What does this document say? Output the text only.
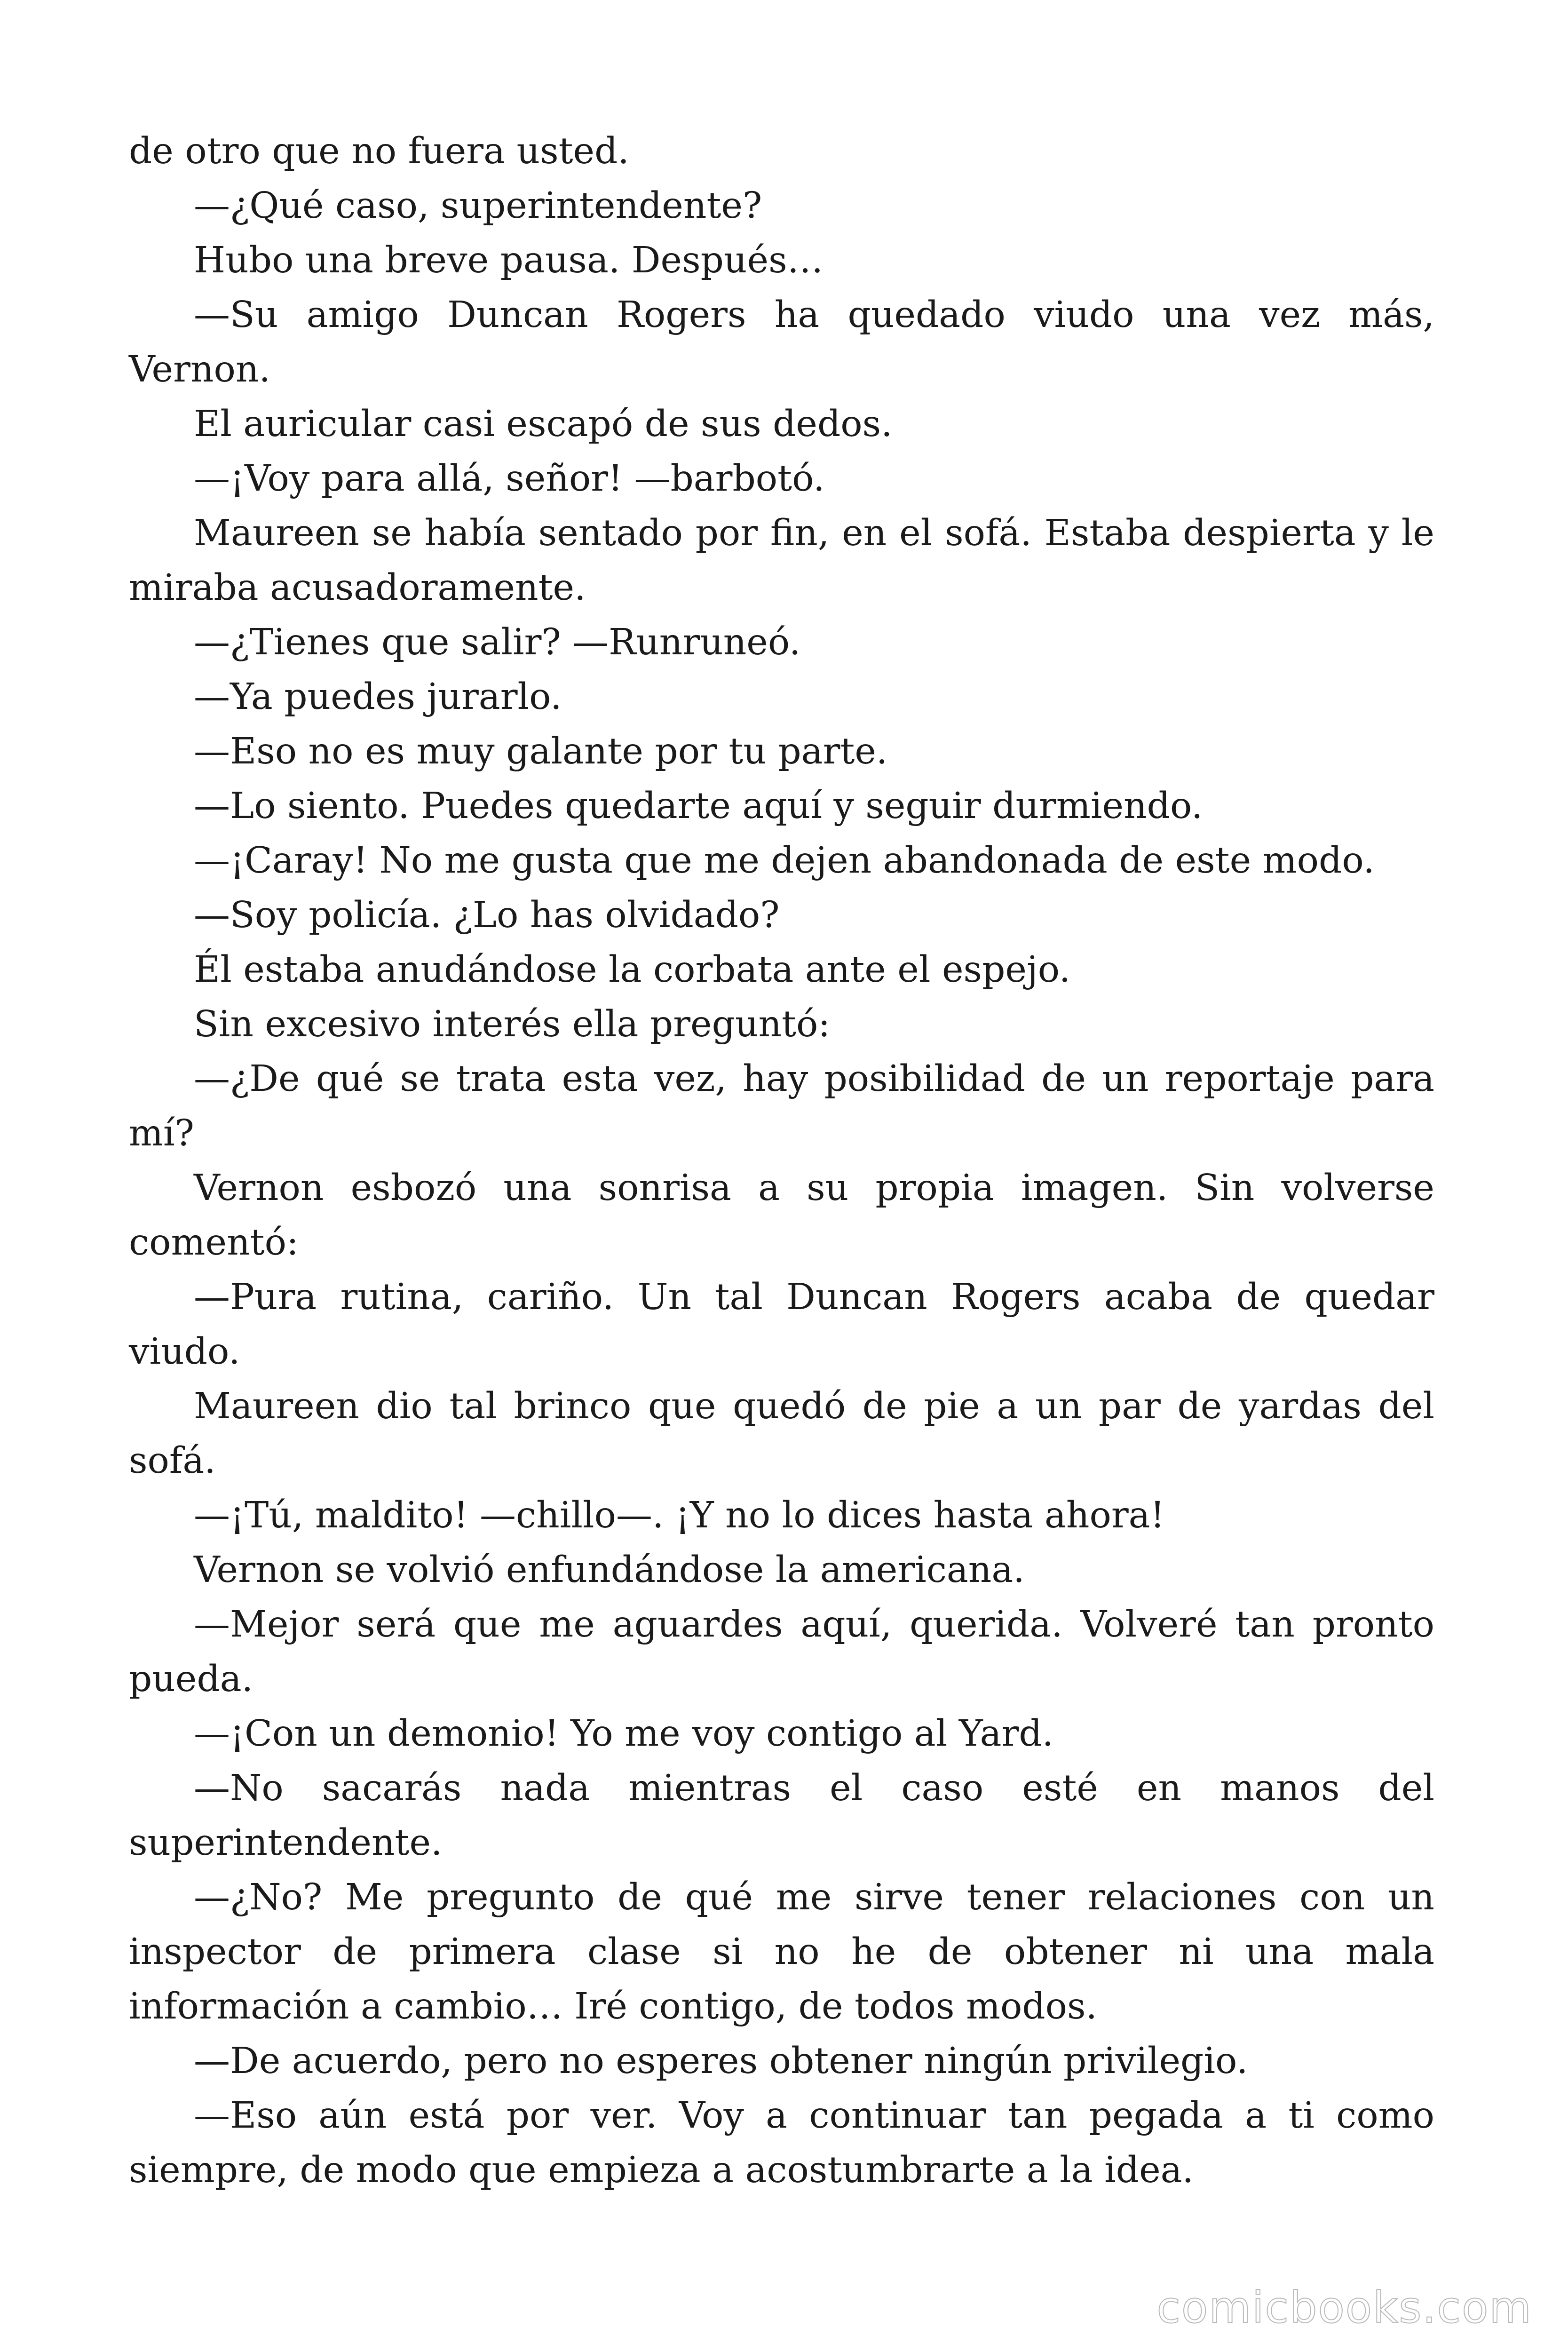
de otro que no fuera usted.

—¿Qué caso, superintendente?

Hubo una breve pausa. Después…

—Su amigo Duncan Rogers ha quedado viudo una vez más, Vernon.

El auricular casi escapó de sus dedos.

—¡Voy para allá, señor! —barbotó.

Maureen se había sentado por fin, en el sofá. Estaba despierta y le miraba acusadoramente.

—¿Tienes que salir? —Runruneó.

—Ya puedes jurarlo.

—Eso no es muy galante por tu parte.

—Lo siento. Puedes quedarte aquí y seguir durmiendo.

—¡Caray! No me gusta que me dejen abandonada de este modo.

—Soy policía. ¿Lo has olvidado?

Él estaba anudándose la corbata ante el espejo.

Sin excesivo interés ella preguntó:

—¿De qué se trata esta vez, hay posibilidad de un reportaje para mí?

Vernon esbozó una sonrisa a su propia imagen. Sin volverse comentó:

—Pura rutina, cariño. Un tal Duncan Rogers acaba de quedar viudo.

Maureen dio tal brinco que quedó de pie a un par de yardas del sofá.

—¡Tú, maldito! —chillo—. ¡Y no lo dices hasta ahora!

Vernon se volvió enfundándose la americana.

—Mejor será que me aguardes aquí, querida. Volveré tan pronto pueda.

—¡Con un demonio! Yo me voy contigo al Yard.

—No sacarás nada mientras el caso esté en manos del superintendente.

—¿No? Me pregunto de qué me sirve tener relaciones con un inspector de primera clase si no he de obtener ni una mala información a cambio… Iré contigo, de todos modos.

—De acuerdo, pero no esperes obtener ningún privilegio.

—Eso aún está por ver. Voy a continuar tan pegada a ti como siempre, de modo que empieza a acostumbrarte a la idea.

comicbooks.com
